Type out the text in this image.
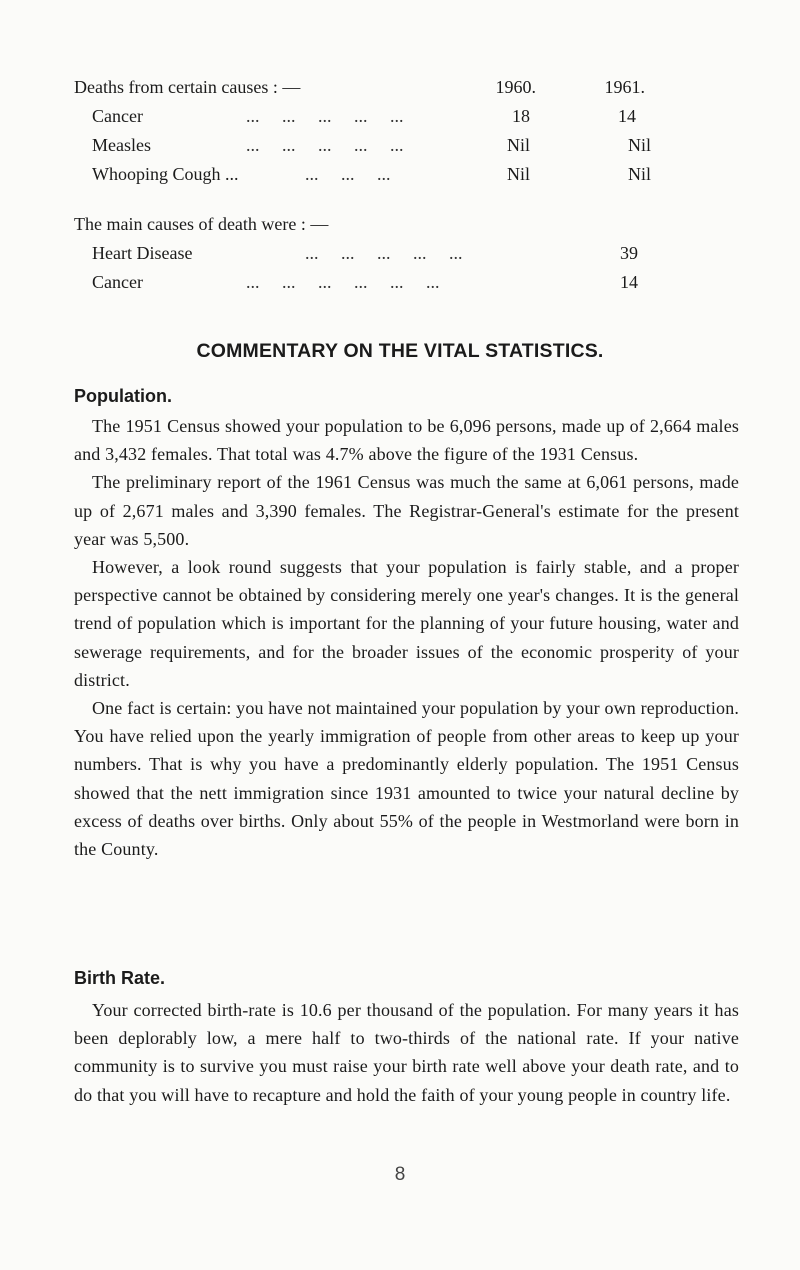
Deaths from certain causes : —	1960.	1961.
Cancer	...     ...     ...     ...     ...	18	14
Measles	...     ...     ...     ...     ...	Nil	Nil
Whooping Cough ...	...     ...     ...	Nil	Nil
The main causes of death were : —
Heart Disease	...     ...     ...     ...     ...	39
Cancer	...     ...     ...     ...     ...     ...	14
COMMENTARY ON THE VITAL STATISTICS.
Population.

The 1951 Census showed your population to be 6,096 persons, made up of 2,664 males and 3,432 females. That total was 4.7% above the figure of the 1931 Census.

The preliminary report of the 1961 Census was much the same at 6,061 persons, made up of 2,671 males and 3,390 females. The Registrar-General's estimate for the present year was 5,500.

However, a look round suggests that your population is fairly stable, and a proper perspective cannot be obtained by considering merely one year's changes. It is the general trend of population which is important for the planning of your future housing, water and sewerage requirements, and for the broader issues of the economic prosperity of your district.

One fact is certain: you have not maintained your population by your own reproduction. You have relied upon the yearly immigration of people from other areas to keep up your numbers. That is why you have a predominantly elderly population. The 1951 Census showed that the nett immigration since 1931 amounted to twice your natural decline by excess of deaths over births. Only about 55% of the people in Westmorland were born in the County.

Birth Rate.

Your corrected birth-rate is 10.6 per thousand of the population. For many years it has been deplorably low, a mere half to two-thirds of the national rate. If your native community is to survive you must raise your birth rate well above your death rate, and to do that you will have to recapture and hold the faith of your young people in country life.

8
